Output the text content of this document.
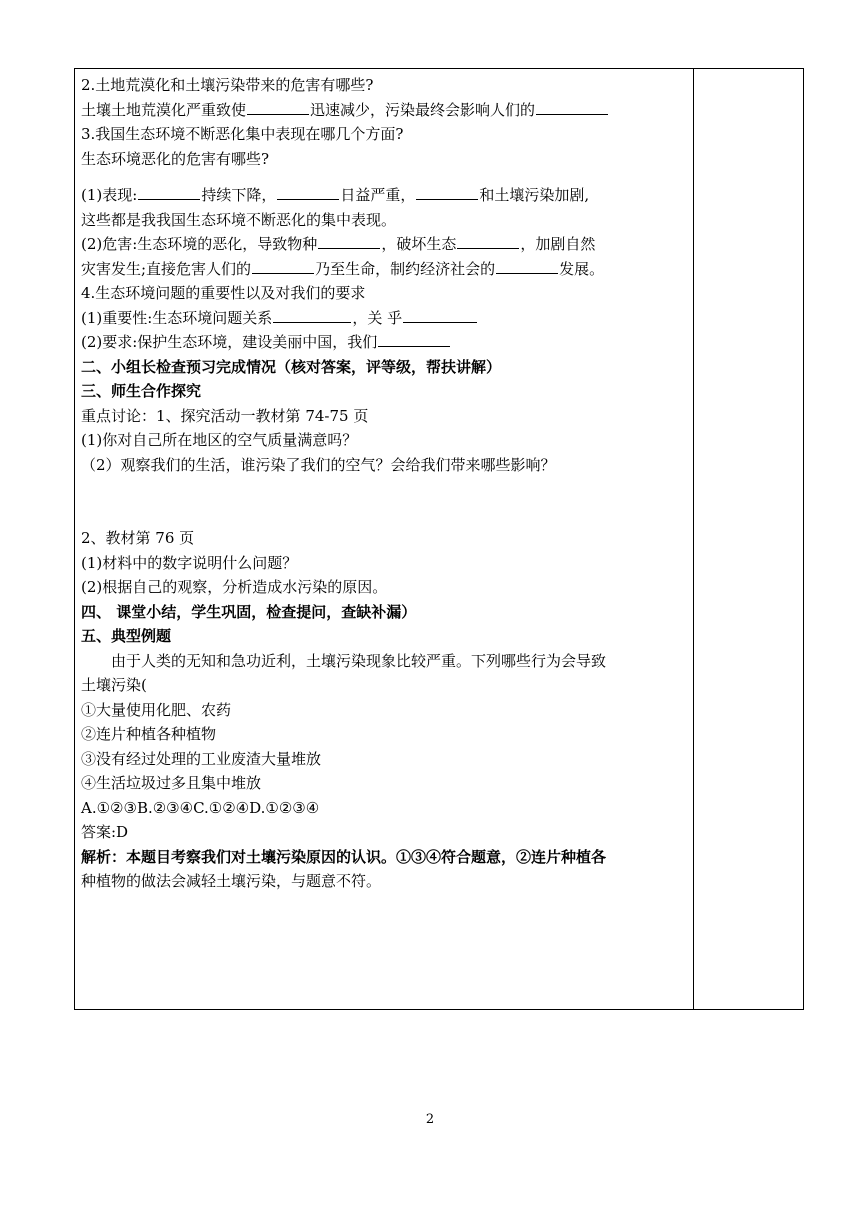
2.土地荒漠化和土壤污染带来的危害有哪些?
土壤土地荒漠化严重致使	迅速减少，污染最终会影响人们的
3.我国生态环境不断恶化集中表现在哪几个方面?
生态环境恶化的危害有哪些?
(1)表现:	持续下降，	日益严重，	和土壤污染加剧,
这些都是我我国生态环境不断恶化的集中表现。
(2)危害:生态环境的恶化，导致物种	，破坏生态	，加剧自然
灾害发生;直接危害人们的	乃至生命，制约经济社会的	发展。
4.生态环境问题的重要性以及对我们的要求
(1)重要性:生态环境问题关系	，关 乎
(2)要求:保护生态环境，建设美丽中国，我们
二、小组长检查预习完成情况（核对答案，评等级，帮扶讲解）
三、师生合作探究
重点讨论：1、探究活动一教材第 74-75 页
(1)你对自己所在地区的空气质量满意吗？
（2）观察我们的生活，谁污染了我们的空气？会给我们带来哪些影响？
2、教材第 76 页
(1)材料中的数字说明什么问题？
(2)根据自己的观察，分析造成水污染的原因。
四、 课堂小结，学生巩固，检查提问，查缺补漏）
五、典型例题
由于人类的无知和急功近利，土壤污染现象比较严重。下列哪些行为会导致
土壤污染(
①大量使用化肥、农药
②连片种植各种植物
③没有经过处理的工业废渣大量堆放
④生活垃圾过多且集中堆放
A.①②③B.②③④C.①②④D.①②③④
答案:D
解析：本题目考察我们对土壤污染原因的认识。①③④符合题意，②连片种植各
种植物的做法会减轻土壤污染，与题意不符。
2
